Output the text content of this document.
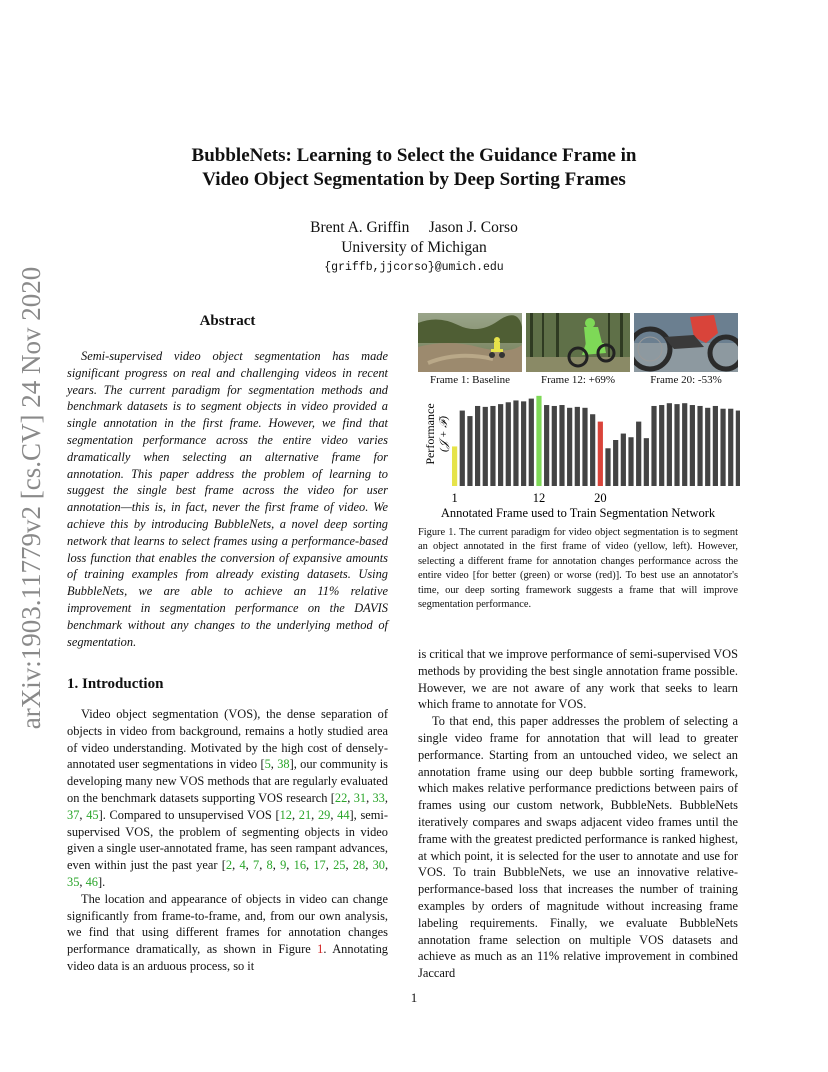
BubbleNets: Learning to Select the Guidance Frame in
Video Object Segmentation by Deep Sorting Frames
Brent A. Griffin     Jason J. Corso
University of Michigan
{griffb,jjcorso}@umich.edu
arXiv:1903.11779v2 [cs.CV] 24 Nov 2020	Abstract

Semi-supervised video object segmentation has made significant progress on real and challenging videos in recent years. The current paradigm for segmentation methods and benchmark datasets is to segment objects in video provided a single annotation in the first frame. However, we find that segmentation performance across the entire video varies dramatically when selecting an alternative frame for annotation. This paper address the problem of learning to suggest the single best frame across the video for user annotation—this is, in fact, never the first frame of video. We achieve this by introducing BubbleNets, a novel deep sorting network that learns to select frames using a performance-based loss function that enables the conversion of expansive amounts of training examples from already existing datasets. Using BubbleNets, we are able to achieve an 11% relative improvement in segmentation performance on the DAVIS benchmark without any changes to the underlying method of segmentation.

1. Introduction

Video object segmentation (VOS), the dense separation of objects in video from background, remains a hotly studied area of video understanding. Motivated by the high cost of densely-annotated user segmentations in video [5, 38], our community is developing many new VOS methods that are regularly evaluated on the benchmark datasets supporting VOS research [22, 31, 33, 37, 45]. Compared to unsupervised VOS [12, 21, 29, 44], semi-supervised VOS, the problem of segmenting objects in video given a single user-annotated frame, has seen rampant advances, even within just the past year [2, 4, 7, 8, 9, 16, 17, 25, 28, 30, 35, 46].

The location and appearance of objects in video can change significantly from frame-to-frame, and, from our own analysis, we find that using different frames for annotation changes performance dramatically, as shown in Figure 1. Annotating video data is an arduous process, so it

is critical that we improve performance of semi-supervised VOS methods by providing the best single annotation frame possible. However, we are not aware of any work that seeks to learn which frame to annotate for VOS.

To that end, this paper addresses the problem of selecting a single video frame for annotation that will lead to greater performance. Starting from an untouched video, we select an annotation frame using our deep bubble sorting framework, which makes relative performance predictions between pairs of frames using our custom network, BubbleNets. BubbleNets iteratively compares and swaps adjacent video frames until the frame with the greatest predicted performance is ranked highest, at which point, it is selected for the user to annotate and use for VOS. To train BubbleNets, we use an innovative relative-performance-based loss that increases the number of training examples by orders of magnitude without increasing frame labeling requirements. Finally, we evaluate BubbleNets annotation frame selection on multiple VOS datasets and achieve as much as an 11% relative improvement in combined Jaccard

Frame 1: Baseline	Frame 12: +69%	Frame 20: -53%
Performance (𝒥 + ℱ)
1	12	20
Annotated Frame used to Train Segmentation Network
Figure 1. The current paradigm for video object segmentation is to segment an object annotated in the first frame of video (yellow, left). However, selecting a different frame for annotation changes performance across the entire video [for better (green) or worse (red)]. To best use an annotator's time, our deep sorting framework suggests a frame that will improve segmentation performance.
1
